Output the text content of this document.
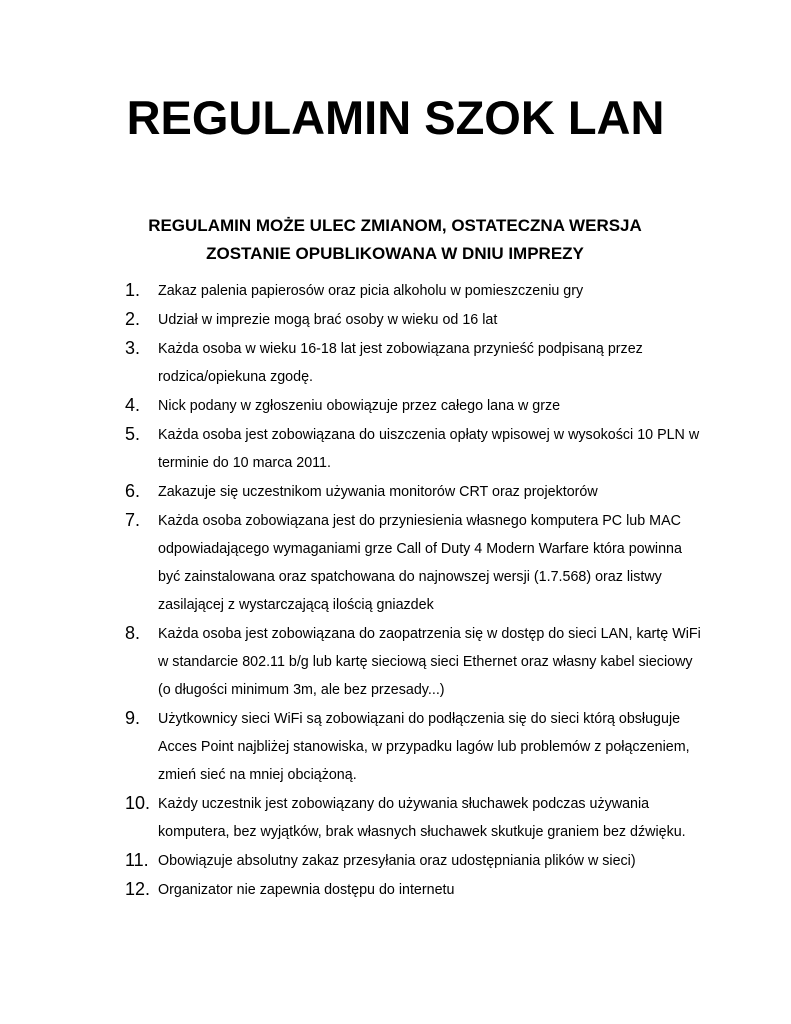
REGULAMIN SZOK LAN
REGULAMIN MOŻE ULEC ZMIANOM, OSTATECZNA WERSJA
ZOSTANIE OPUBLIKOWANA W DNIU IMPREZY
1.	Zakaz palenia papierosów oraz picia alkoholu w pomieszczeniu gry
2.	Udział w imprezie mogą brać osoby w wieku od 16 lat
3.	Każda osoba w wieku 16-18 lat jest zobowiązana przynieść podpisaną przez rodzica/opiekuna zgodę.
4.	Nick podany w zgłoszeniu obowiązuje przez całego lana w grze
5.	Każda osoba jest zobowiązana do uiszczenia opłaty wpisowej w wysokości 10 PLN w terminie do 10 marca 2011.
6.	Zakazuje się uczestnikom używania monitorów CRT oraz projektorów
7.	Każda osoba zobowiązana jest do przyniesienia własnego komputera PC lub MAC odpowiadającego wymaganiami grze Call of Duty 4 Modern Warfare która powinna być zainstalowana oraz spatchowana do najnowszej wersji (1.7.568) oraz listwy zasilającej z wystarczającą ilością gniazdek
8.	Każda osoba jest zobowiązana do zaopatrzenia się w dostęp do sieci LAN, kartę WiFi w standarcie 802.11 b/g lub kartę sieciową sieci Ethernet oraz własny kabel sieciowy (o długości minimum 3m, ale bez przesady...)
9.	Użytkownicy sieci WiFi są zobowiązani do podłączenia się do sieci którą obsługuje Acces Point najbliżej stanowiska, w przypadku lagów lub problemów z połączeniem, zmień sieć na mniej obciążoną.
10. Każdy uczestnik jest zobowiązany do używania słuchawek podczas używania komputera, bez wyjątków, brak własnych słuchawek skutkuje graniem bez dźwięku.
11. Obowiązuje absolutny zakaz przesyłania oraz udostępniania plików w sieci)
12. Organizator nie zapewnia dostępu do internetu
